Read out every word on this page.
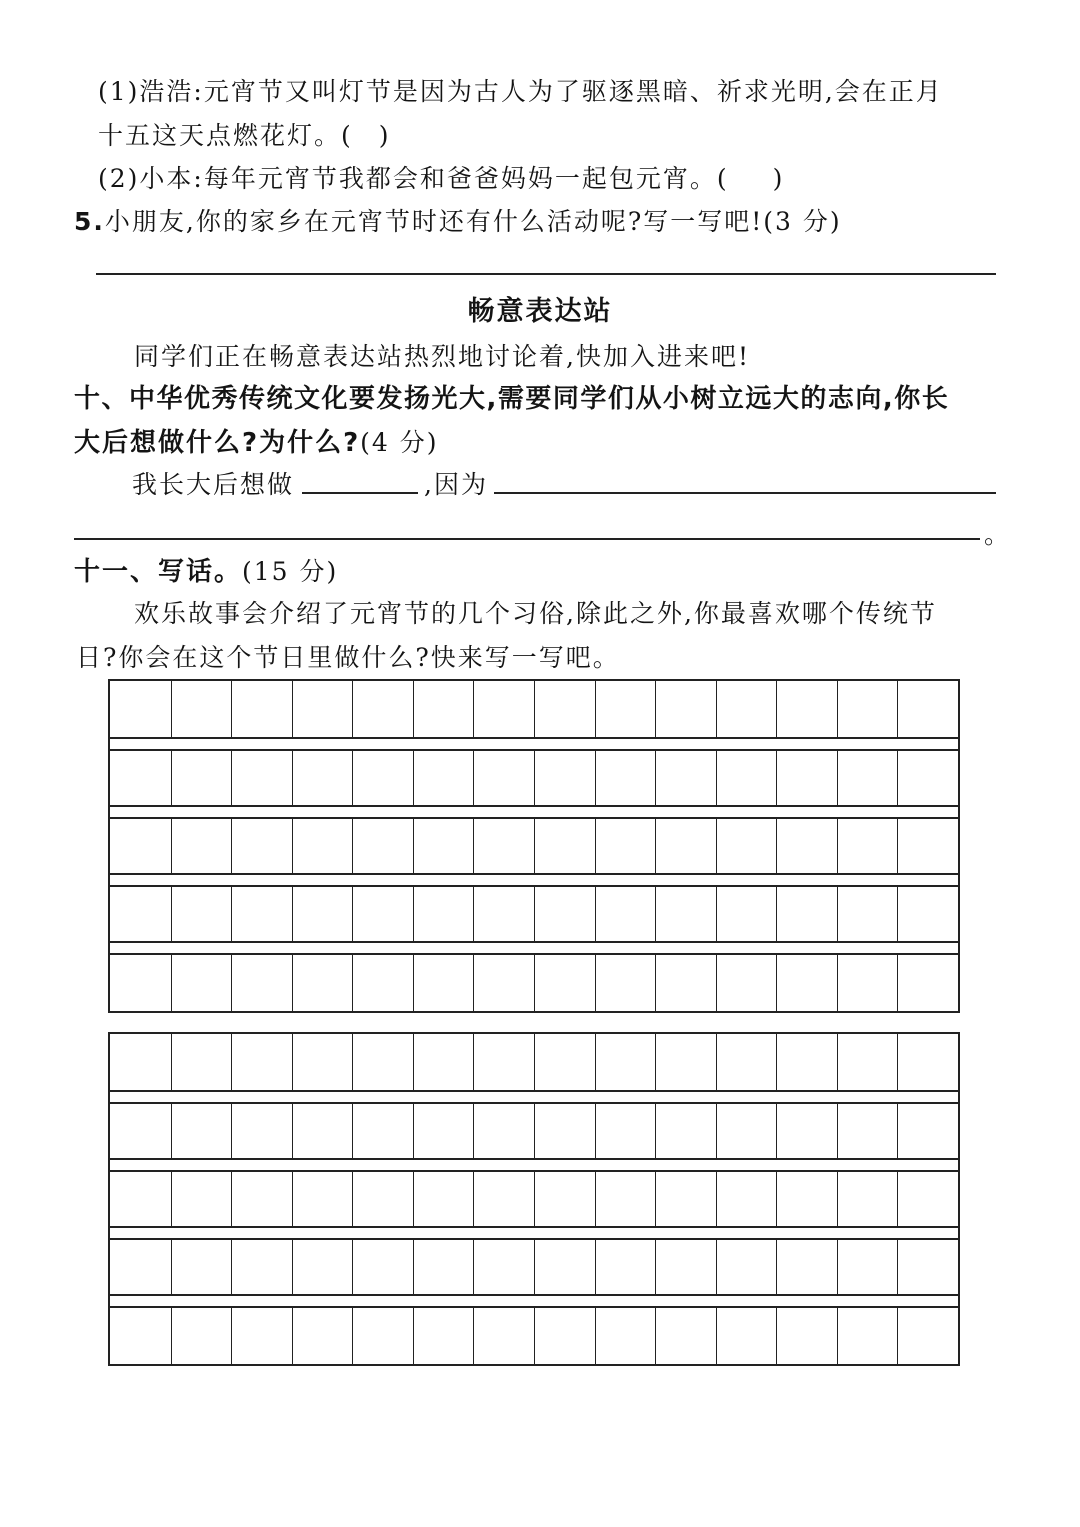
(1)浩浩:元宵节又叫灯节是因为古人为了驱逐黑暗、祈求光明,会在正月
十五这天点燃花灯。( )
(2)小本:每年元宵节我都会和爸爸妈妈一起包元宵。( )
5.小朋友,你的家乡在元宵节时还有什么活动呢?写一写吧!(3 分)
畅意表达站
同学们正在畅意表达站热烈地讨论着,快加入进来吧!
十、中华优秀传统文化要发扬光大,需要同学们从小树立远大的志向,你长
大后想做什么?为什么?(4 分)
我长大后想做	,因为
。
十一、写话。(15 分)
欢乐故事会介绍了元宵节的几个习俗,除此之外,你最喜欢哪个传统节
日?你会在这个节日里做什么?快来写一写吧。
